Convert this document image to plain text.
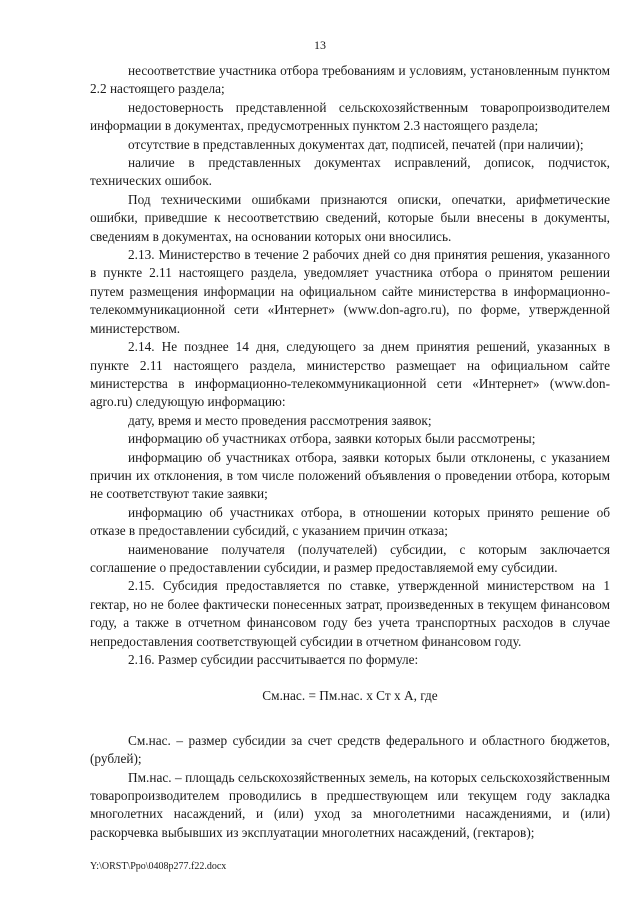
13

несоответствие участника отбора требованиям и условиям, установленным пунктом 2.2 настоящего раздела;

недостоверность представленной сельскохозяйственным товаропроизводителем информации в документах, предусмотренных пунктом 2.3 настоящего раздела;

отсутствие в представленных документах дат, подписей, печатей (при наличии);

наличие в представленных документах исправлений, дописок, подчисток, технических ошибок.

Под техническими ошибками признаются описки, опечатки, арифметические ошибки, приведшие к несоответствию сведений, которые были внесены в документы, сведениям в документах, на основании которых они вносились.

2.13. Министерство в течение 2 рабочих дней со дня принятия решения, указанного в пункте 2.11 настоящего раздела, уведомляет участника отбора о принятом решении путем размещения информации на официальном сайте министерства в информационно-телекоммуникационной сети «Интернет» (www.don-agro.ru), по форме, утвержденной министерством.

2.14. Не позднее 14 дня, следующего за днем принятия решений, указанных в пункте 2.11 настоящего раздела, министерство размещает на официальном сайте министерства в информационно-телекоммуникационной сети «Интернет» (www.don-agro.ru) следующую информацию:

дату, время и место проведения рассмотрения заявок;

информацию об участниках отбора, заявки которых были рассмотрены;

информацию об участниках отбора, заявки которых были отклонены, с указанием причин их отклонения, в том числе положений объявления о проведении отбора, которым не соответствуют такие заявки;

информацию об участниках отбора, в отношении которых принято решение об отказе в предоставлении субсидий, с указанием причин отказа;

наименование получателя (получателей) субсидии, с которым заключается соглашение о предоставлении субсидии, и размер предоставляемой ему субсидии.

2.15. Субсидия предоставляется по ставке, утвержденной министерством на 1 гектар, но не более фактически понесенных затрат, произведенных в текущем финансовом году, а также в отчетном финансовом году без учета транспортных расходов в случае непредоставления соответствующей субсидии в отчетном финансовом году.

2.16. Размер субсидии рассчитывается по формуле:

См.нас. = Пм.нас. x Ст x А, где

См.нас. – размер субсидии за счет средств федерального и областного бюджетов, (рублей);

Пм.нас. – площадь сельскохозяйственных земель, на которых сельскохозяйственным товаропроизводителем проводились в предшествующем или текущем году закладка многолетних насаждений, и (или) уход за многолетними насаждениями, и (или) раскорчевка выбывших из эксплуатации многолетних насаждений, (гектаров);

Y:\ORST\Ppo\0408p277.f22.docx
